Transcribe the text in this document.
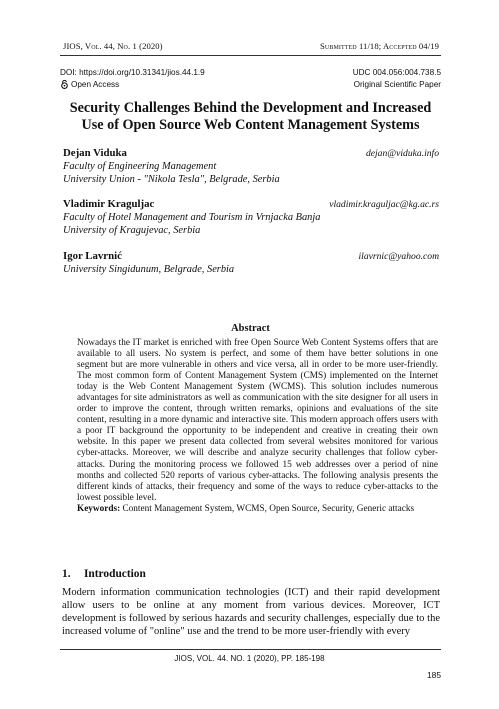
JIOS, Vol. 44, No. 1 (2020)	Submitted 11/18; Accepted 04/19
DOI: https://doi.org/10.31341/jios.44.1.9	UDC 004.056:004.738.5
Open Access	Original Scientific Paper
Security Challenges Behind the Development and Increased Use of Open Source Web Content Management Systems
Dejan Viduka	dejan@viduka.info
Faculty of Engineering Management
University Union - "Nikola Tesla", Belgrade, Serbia
Vladimir Kraguljac	vladimir.kraguljac@kg.ac.rs
Faculty of Hotel Management and Tourism in Vrnjacka Banja
University of Kragujevac, Serbia
Igor Lavrnić	ilavrnic@yahoo.com
University Singidunum, Belgrade, Serbia
Abstract

Nowadays the IT market is enriched with free Open Source Web Content Systems offers that are available to all users. No system is perfect, and some of them have better solutions in one segment but are more vulnerable in others and vice versa, all in order to be more user-friendly. The most common form of Content Management System (CMS) implemented on the Internet today is the Web Content Management System (WCMS). This solution includes numerous advantages for site administrators as well as communication with the site designer for all users in order to improve the content, through written remarks, opinions and evaluations of the site content, resulting in a more dynamic and interactive site. This modern approach offers users with a poor IT background the opportunity to be independent and creative in creating their own website. In this paper we present data collected from several websites monitored for various cyber-attacks. Moreover, we will describe and analyze security challenges that follow cyber-attacks. During the monitoring process we followed 15 web addresses over a period of nine months and collected 520 reports of various cyber-attacks. The following analysis presents the different kinds of attacks, their frequency and some of the ways to reduce cyber-attacks to the lowest possible level.

Keywords: Content Management System, WCMS, Open Source, Security, Generic attacks

1. Introduction
Modern information communication technologies (ICT) and their rapid development allow users to be online at any moment from various devices. Moreover, ICT development is followed by serious hazards and security challenges, especially due to the increased volume of "online" use and the trend to be more user-friendly with every
JIOS, VOL. 44. NO. 1 (2020), PP. 185-198
185
